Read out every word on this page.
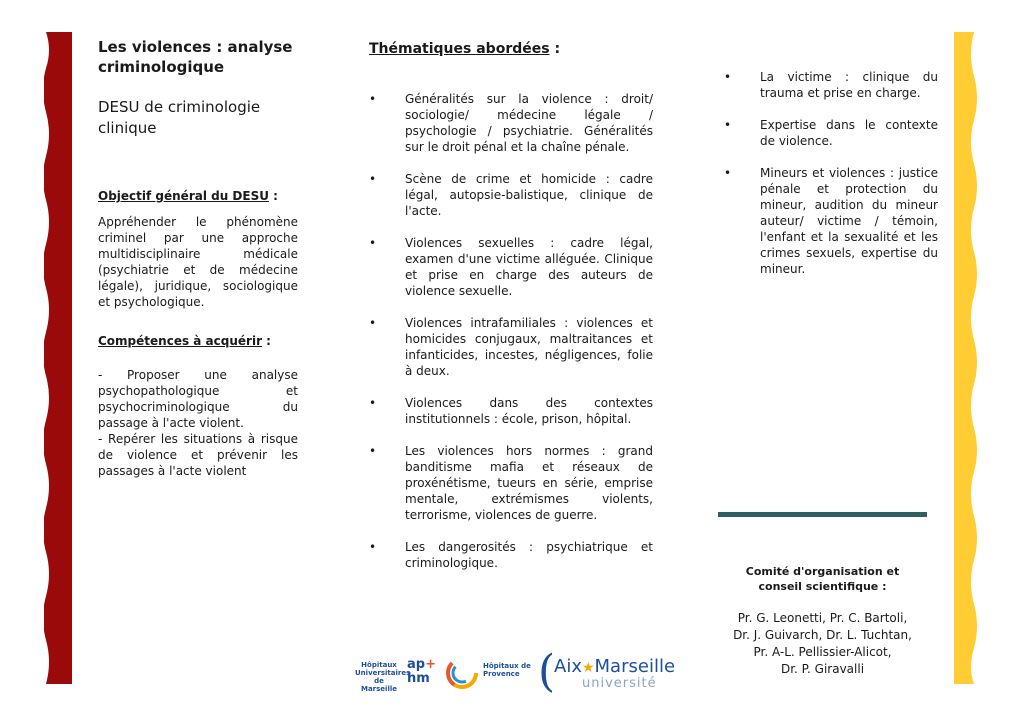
Les violences : analyse criminologique

DESU de criminologie clinique

Objectif général du DESU :

Appréhender le phénomène criminel par une approche multidisciplinaire médicale (psychiatrie et de médecine légale), juridique, sociologique et psychologique.

Compétences à acquérir :

- Proposer une analyse psychopathologique et psychocriminologique du passage à l'acte violent.

- Repérer les situations à risque de violence et prévenir les passages à l'acte violent

Thématiques abordées :
• Généralités sur la violence : droit/ sociologie/ médecine légale / psychologie / psychiatrie. Généralités sur le droit pénal et la chaîne pénale.
• Scène de crime et homicide : cadre légal, autopsie-balistique, clinique de l'acte.
• Violences sexuelles : cadre légal, examen d'une victime alléguée. Clinique et prise en charge des auteurs de violence sexuelle.
• Violences intrafamiliales : violences et homicides conjugaux, maltraitances et infanticides, incestes, négligences, folie à deux.
• Violences dans des contextes institutionnels : école, prison, hôpital.
• Les violences hors normes : grand banditisme mafia et réseaux de proxénétisme, tueurs en série, emprise mentale, extrémismes violents, terrorisme, violences de guerre.
• Les dangerosités : psychiatrique et criminologique.
• La victime : clinique du trauma et prise en charge.
• Expertise dans le contexte de violence.
• Mineurs et violences : justice pénale et protection du mineur, audition du mineur auteur/ victime / témoin, l'enfant et la sexualité et les crimes sexuels, expertise du mineur.
Comité d'organisation et
conseil scientifique :
Pr. G. Leonetti, Pr. C. Bartoli,
Dr. J. Guivarch, Dr. L. Tuchtan,
Pr. A-L. Pellissier-Alicot,
Dr. P. Giravalli
Hôpitaux Universitaires de Marseille
ap+
hm
Hôpitaux de Provence (
Aix★Marseille
université
